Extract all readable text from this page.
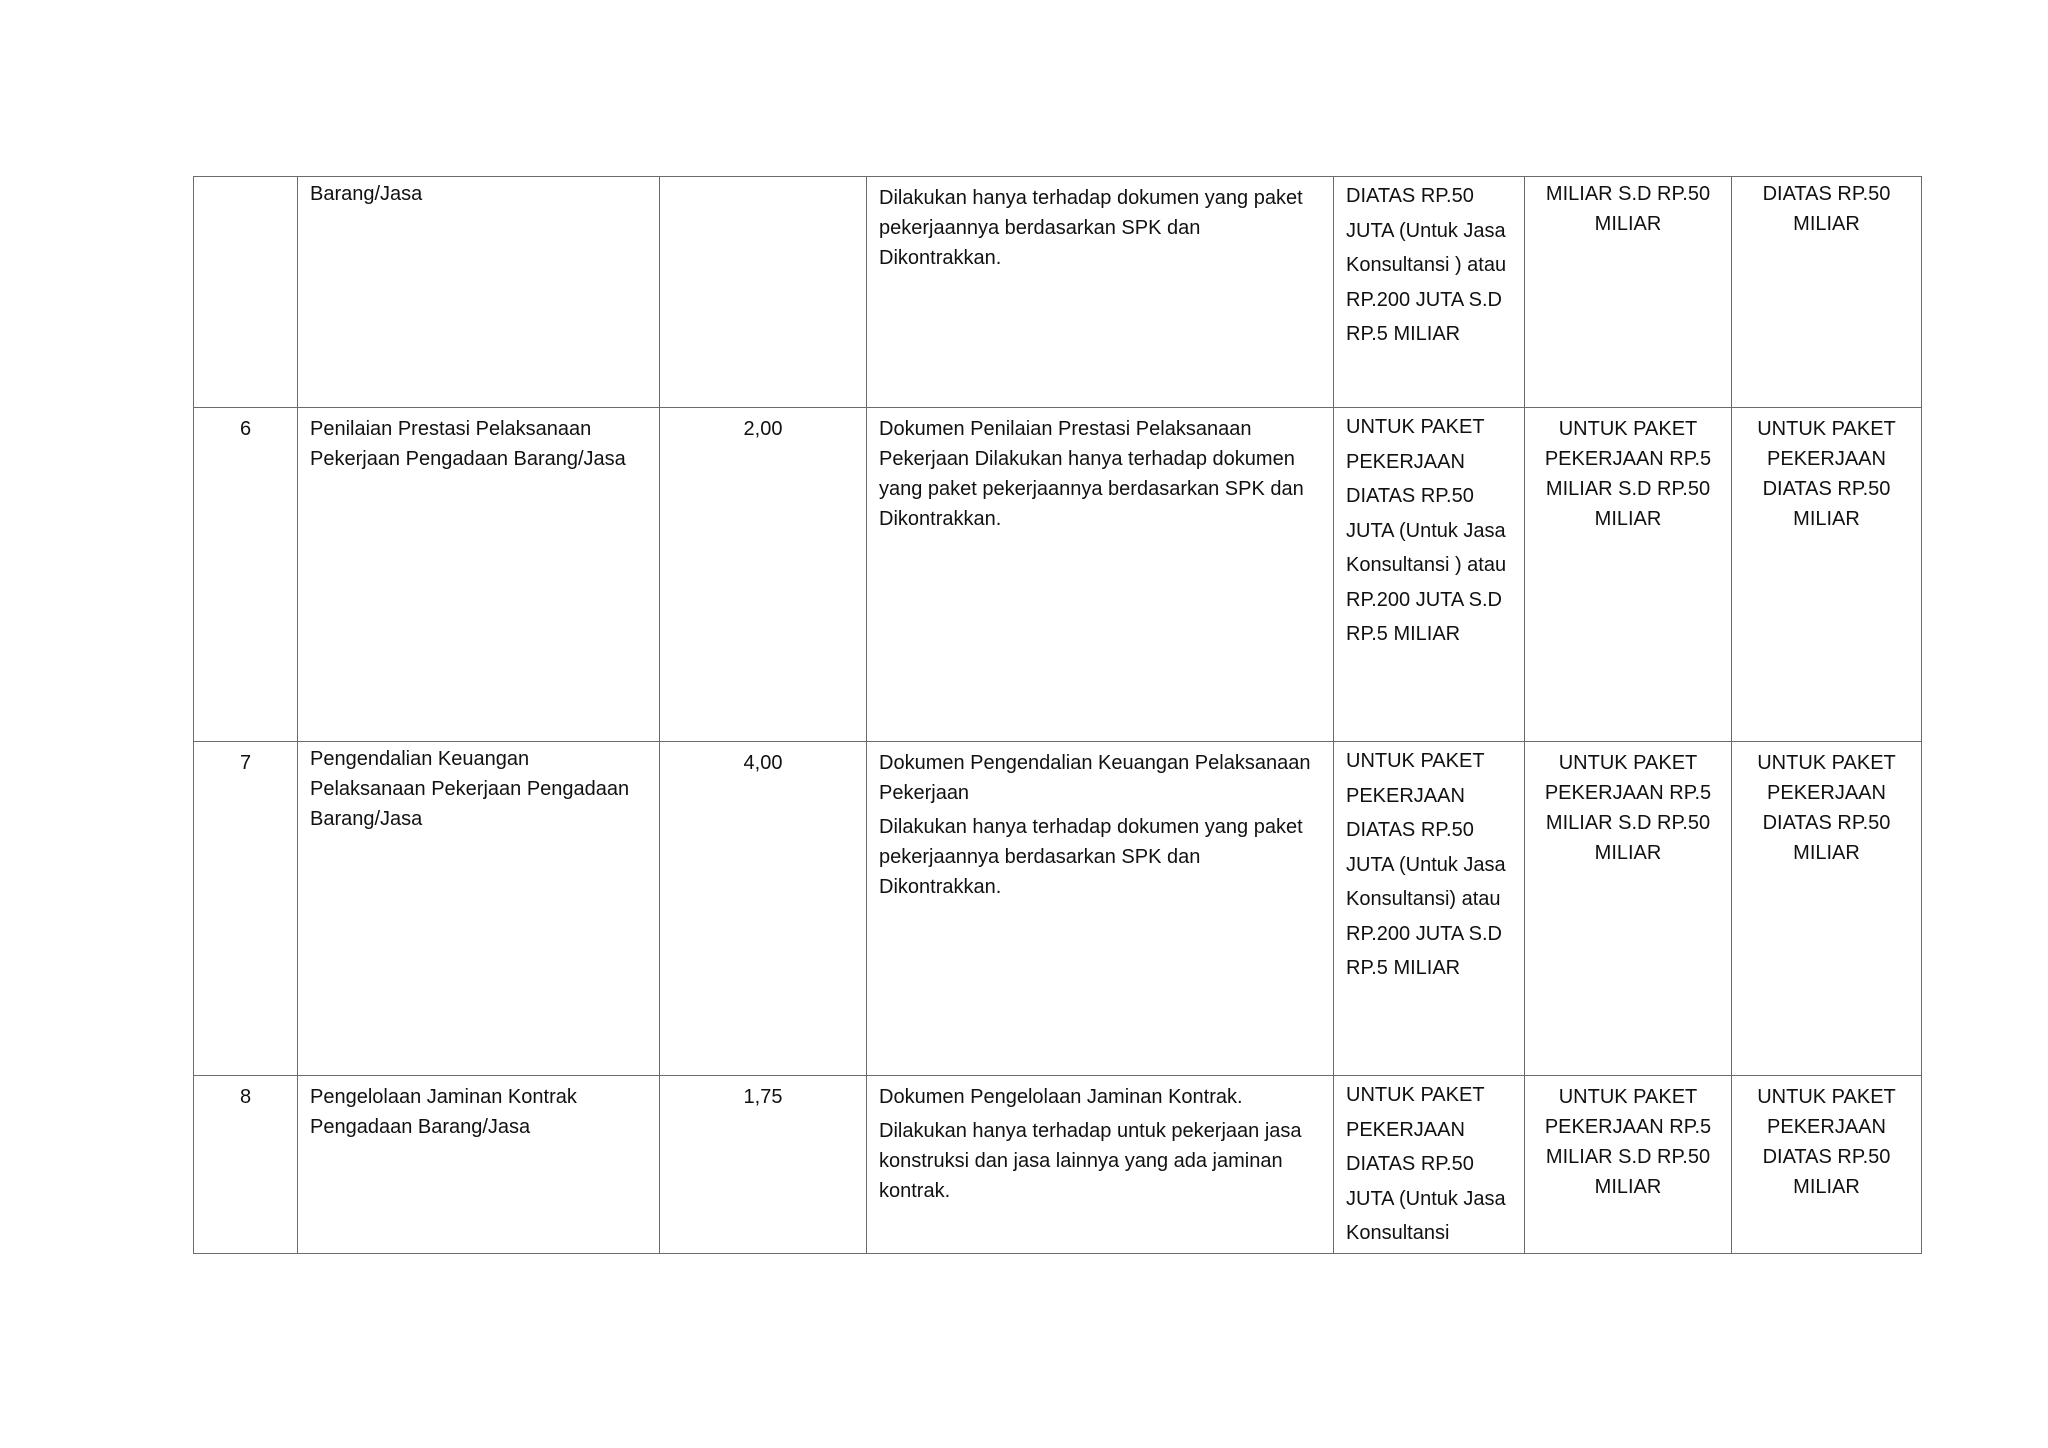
	Barang/Jasa		Dilakukan hanya terhadap dokumen yang paket pekerjaannya berdasarkan SPK dan Dikontrakkan.	DIATAS RP.50 JUTA (Untuk Jasa Konsultansi ) atau RP.200 JUTA S.D RP.5 MILIAR	MILIAR S.D RP.50 MILIAR	DIATAS RP.50 MILIAR
6	Penilaian Prestasi Pelaksanaan Pekerjaan Pengadaan Barang/Jasa	2,00	Dokumen Penilaian Prestasi Pelaksanaan Pekerjaan Dilakukan hanya terhadap dokumen yang paket pekerjaannya berdasarkan SPK dan Dikontrakkan.	UNTUK PAKET PEKERJAAN DIATAS RP.50 JUTA (Untuk Jasa Konsultansi ) atau RP.200 JUTA S.D RP.5 MILIAR	UNTUK PAKET PEKERJAAN RP.5 MILIAR S.D RP.50 MILIAR	UNTUK PAKET PEKERJAAN DIATAS RP.50 MILIAR
7	Pengendalian Keuangan Pelaksanaan Pekerjaan Pengadaan Barang/Jasa	4,00	Dokumen Pengendalian Keuangan Pelaksanaan Pekerjaan
Dilakukan hanya terhadap dokumen yang paket pekerjaannya berdasarkan SPK dan Dikontrakkan.	UNTUK PAKET PEKERJAAN DIATAS RP.50 JUTA (Untuk Jasa Konsultansi) atau RP.200 JUTA S.D RP.5 MILIAR	UNTUK PAKET PEKERJAAN RP.5 MILIAR S.D RP.50 MILIAR	UNTUK PAKET PEKERJAAN DIATAS RP.50 MILIAR
8	Pengelolaan Jaminan Kontrak Pengadaan Barang/Jasa	1,75	Dokumen Pengelolaan Jaminan Kontrak.
Dilakukan hanya terhadap untuk pekerjaan jasa konstruksi dan jasa lainnya yang ada jaminan kontrak.	UNTUK PAKET PEKERJAAN DIATAS RP.50 JUTA (Untuk Jasa Konsultansi	UNTUK PAKET PEKERJAAN RP.5 MILIAR S.D RP.50 MILIAR	UNTUK PAKET PEKERJAAN DIATAS RP.50 MILIAR
